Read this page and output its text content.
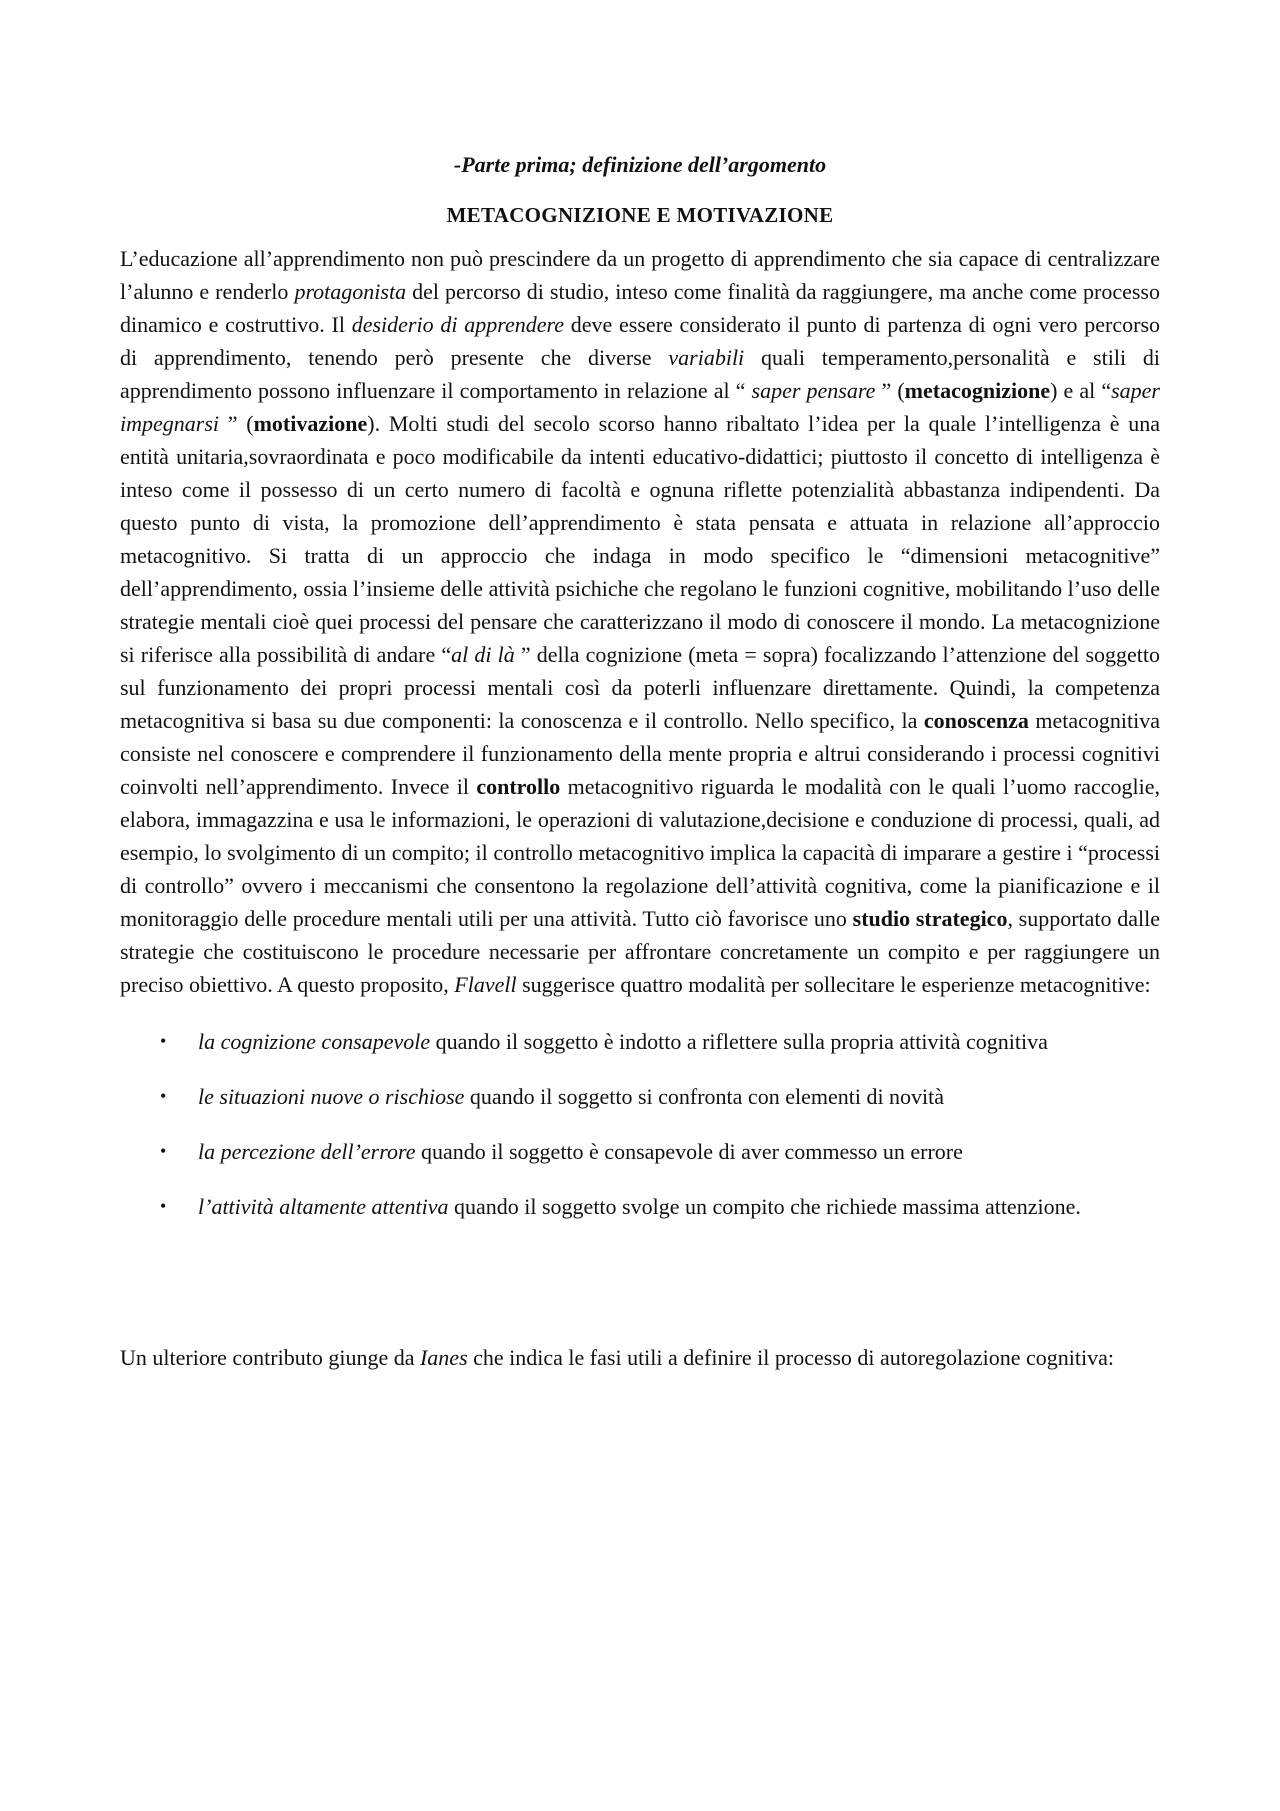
-Parte prima; definizione dell’argomento

METACOGNIZIONE E MOTIVAZIONE

L’educazione all’apprendimento non può prescindere da un progetto di apprendimento che sia capace di centralizzare l’alunno e renderlo protagonista del percorso di studio, inteso come finalità da raggiungere, ma anche come processo dinamico e costruttivo. Il desiderio di apprendere deve essere considerato il punto di partenza di ogni vero percorso di apprendimento, tenendo però presente che diverse variabili quali temperamento,personalità e stili di apprendimento possono influenzare il comportamento in relazione al “ saper pensare ” (metacognizione) e al “saper impegnarsi ” (motivazione). Molti studi del secolo scorso hanno ribaltato l’idea per la quale l’intelligenza è una entità unitaria,sovraordinata e poco modificabile da intenti educativo-didattici; piuttosto il concetto di intelligenza è inteso come il possesso di un certo numero di facoltà e ognuna riflette potenzialità abbastanza indipendenti. Da questo punto di vista, la promozione dell’apprendimento è stata pensata e attuata in relazione all’approccio metacognitivo. Si tratta di un approccio che indaga in modo specifico le “dimensioni metacognitive” dell’apprendimento, ossia l’insieme delle attività psichiche che regolano le funzioni cognitive, mobilitando l’uso delle strategie mentali cioè quei processi del pensare che caratterizzano il modo di conoscere il mondo. La metacognizione si riferisce alla possibilità di andare “al di là ” della cognizione (meta = sopra) focalizzando l’attenzione del soggetto sul funzionamento dei propri processi mentali così da poterli influenzare direttamente. Quindi, la competenza metacognitiva si basa su due componenti: la conoscenza e il controllo. Nello specifico, la conoscenza metacognitiva consiste nel conoscere e comprendere il funzionamento della mente propria e altrui considerando i processi cognitivi coinvolti nell’apprendimento. Invece il controllo metacognitivo riguarda le modalità con le quali l’uomo raccoglie, elabora, immagazzina e usa le informazioni, le operazioni di valutazione,decisione e conduzione di processi, quali, ad esempio, lo svolgimento di un compito; il controllo metacognitivo implica la capacità di imparare a gestire i “processi di controllo” ovvero i meccanismi che consentono la regolazione dell’attività cognitiva, come la pianificazione e il monitoraggio delle procedure mentali utili per una attività. Tutto ciò favorisce uno studio strategico, supportato dalle strategie che costituiscono le procedure necessarie per affrontare concretamente un compito e per raggiungere un preciso obiettivo. A questo proposito, Flavell suggerisce quattro modalità per sollecitare le esperienze metacognitive:

• la cognizione consapevole quando il soggetto è indotto a riflettere sulla propria attività cognitiva
• le situazioni nuove o rischiose quando il soggetto si confronta con elementi di novità
• la percezione dell’errore quando il soggetto è consapevole di aver commesso un errore
• l’attività altamente attentiva quando il soggetto svolge un compito che richiede massima attenzione.

Un ulteriore contributo giunge da Ianes che indica le fasi utili a definire il processo di autoregolazione cognitiva:
